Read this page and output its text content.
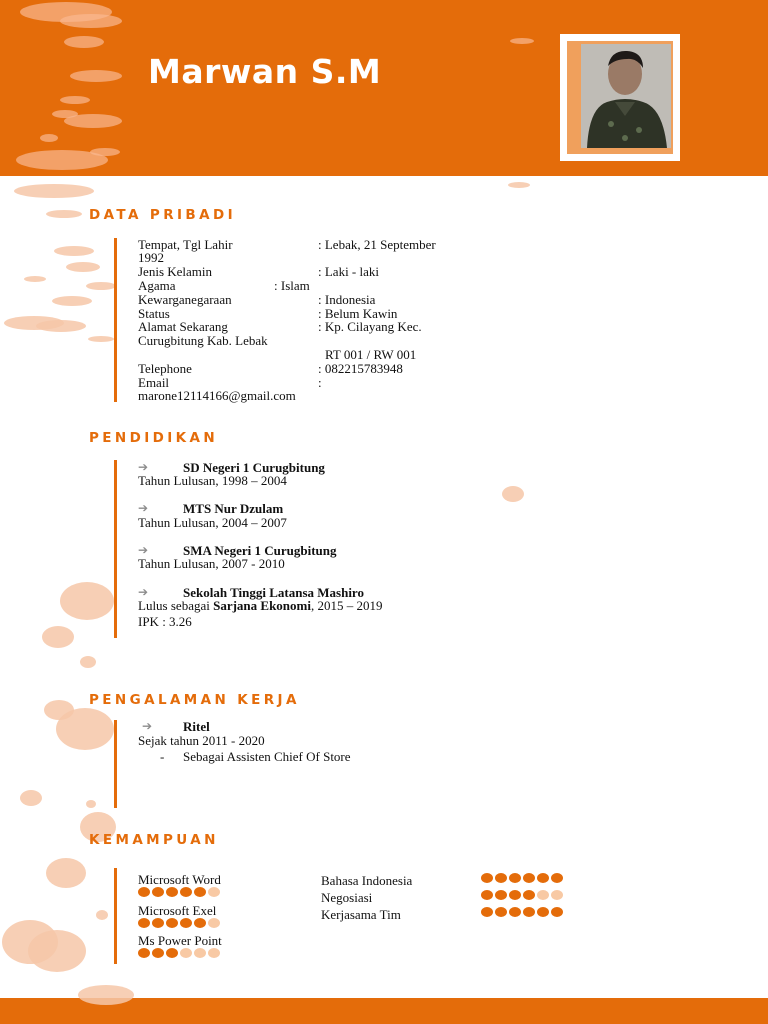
Marwan S.M
DATA PRIBADI
Tempat, Tgl Lahir	: Lebak, 21 September
1992
Jenis Kelamin	: Laki - laki
Agama	: Islam
Kewarganegaraan	: Indonesia
Status	: Belum Kawin
Alamat Sekarang	: Kp. Cilayang Kec.
Curugbitung Kab. Lebak
RT 001 / RW 001
Telephone	: 082215783948
Email	:
marone12114166@gmail.com
PENDIDIKAN
➔	SD Negeri 1 Curugbitung
Tahun Lulusan, 1998 – 2004
➔	MTS Nur Dzulam
Tahun Lulusan, 2004 – 2007
➔	SMA Negeri 1 Curugbitung
Tahun Lulusan, 2007 - 2010
➔	Sekolah Tinggi Latansa Mashiro
Lulus sebagai Sarjana Ekonomi, 2015 – 2019
IPK : 3.26
PENGALAMAN KERJA
➔ Ritel
Sejak tahun 2011 - 2020
- Sebagai Assisten Chief Of Store
KEMAMPUAN
Microsoft Word
Microsoft Exel
Ms Power Point
Bahasa Indonesia
Negosiasi
Kerjasama Tim
